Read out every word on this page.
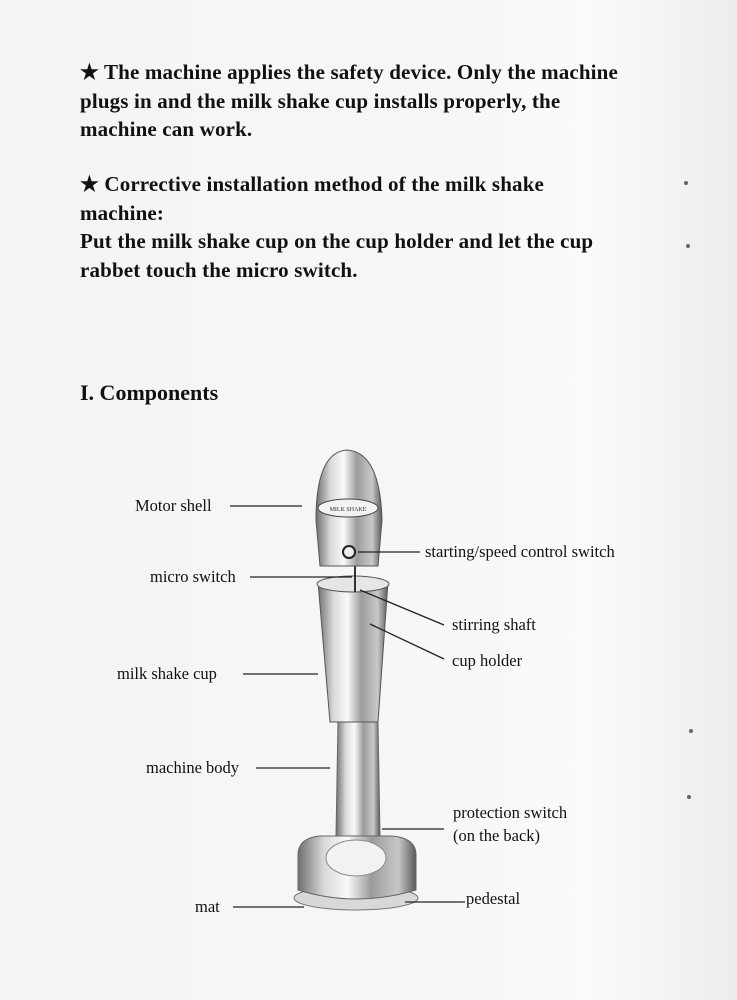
★ The machine applies the safety device. Only the machine plugs in and the milk shake cup installs properly, the machine can work.
★ Corrective installation method of the milk shake machine:
Put the milk shake cup on the cup holder and let the cup rabbet touch the micro switch.
I. Components
MILK SHAKE
Motor shell
micro switch
milk shake cup
machine body
mat
starting/speed control switch
stirring shaft
cup holder
protection switch
(on the back)
pedestal
